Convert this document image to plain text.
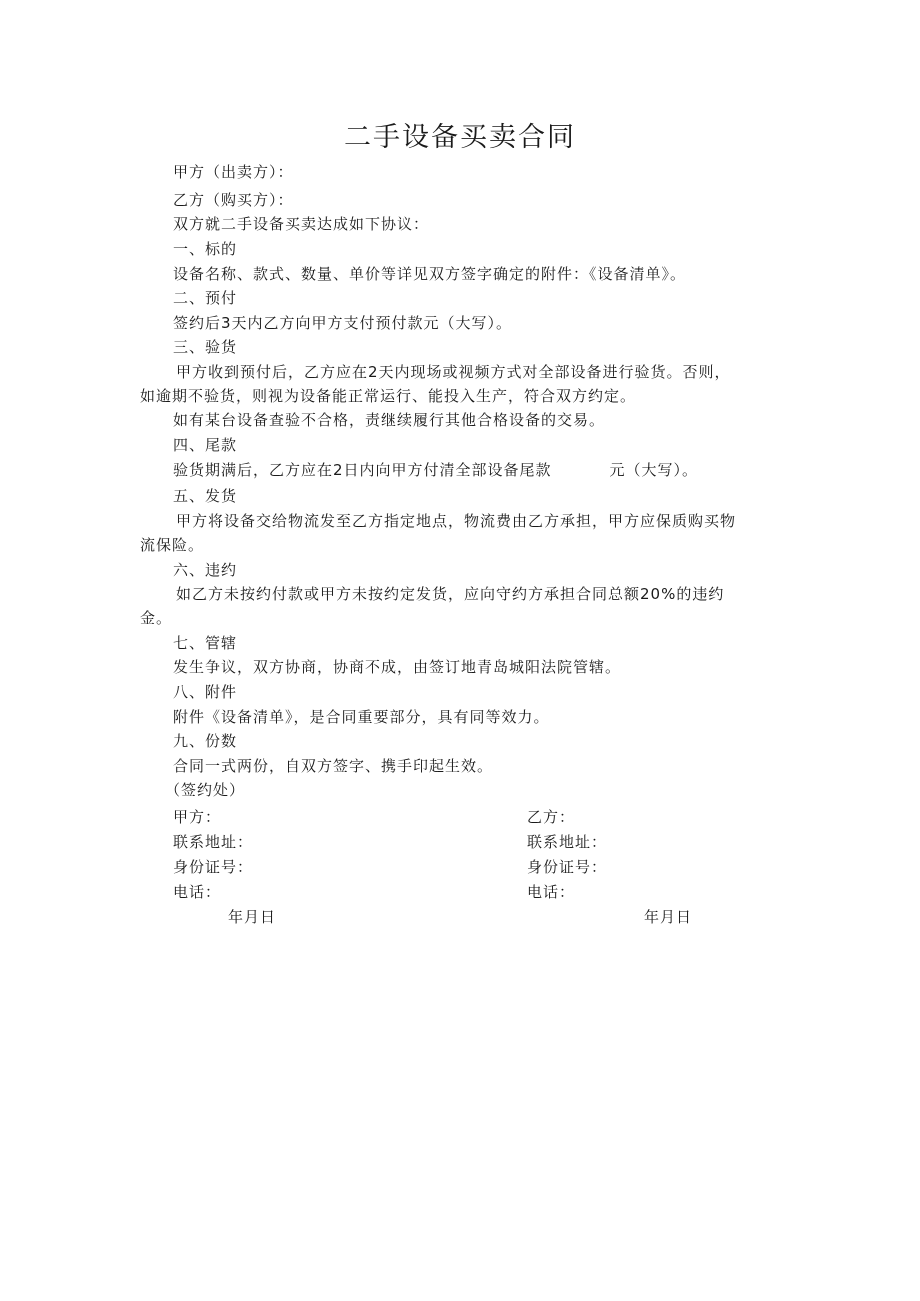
二手设备买卖合同
甲方（出卖方）：
乙方（购买方）：
双方就二手设备买卖达成如下协议：
一、标的
设备名称、款式、数量、单价等详见双方签字确定的附件：《设备清单》。
二、预付
签约后3天内乙方向甲方支付预付款元（大写）。
三、验货
甲方收到预付后，乙方应在2天内现场或视频方式对全部设备进行验货。否则，
如逾期不验货，则视为设备能正常运行、能投入生产，符合双方约定。
如有某台设备查验不合格，责继续履行其他合格设备的交易。
四、尾款
验货期满后，乙方应在2日内向甲方付清全部设备尾款	元（大写）。
五、发货
甲方将设备交给物流发至乙方指定地点，物流费由乙方承担，甲方应保质购买物
流保险。
六、违约
如乙方未按约付款或甲方未按约定发货，应向守约方承担合同总额20%的违约
金。
七、管辖
发生争议，双方协商，协商不成，由签订地青岛城阳法院管辖。
八、附件
附件《设备清单》，是合同重要部分，具有同等效力。
九、份数
合同一式两份，自双方签字、携手印起生效。
（签约处）
甲方：	乙方：
联系地址：	联系地址：
身份证号：	身份证号：
电话：	电话：
年月日	年月日
